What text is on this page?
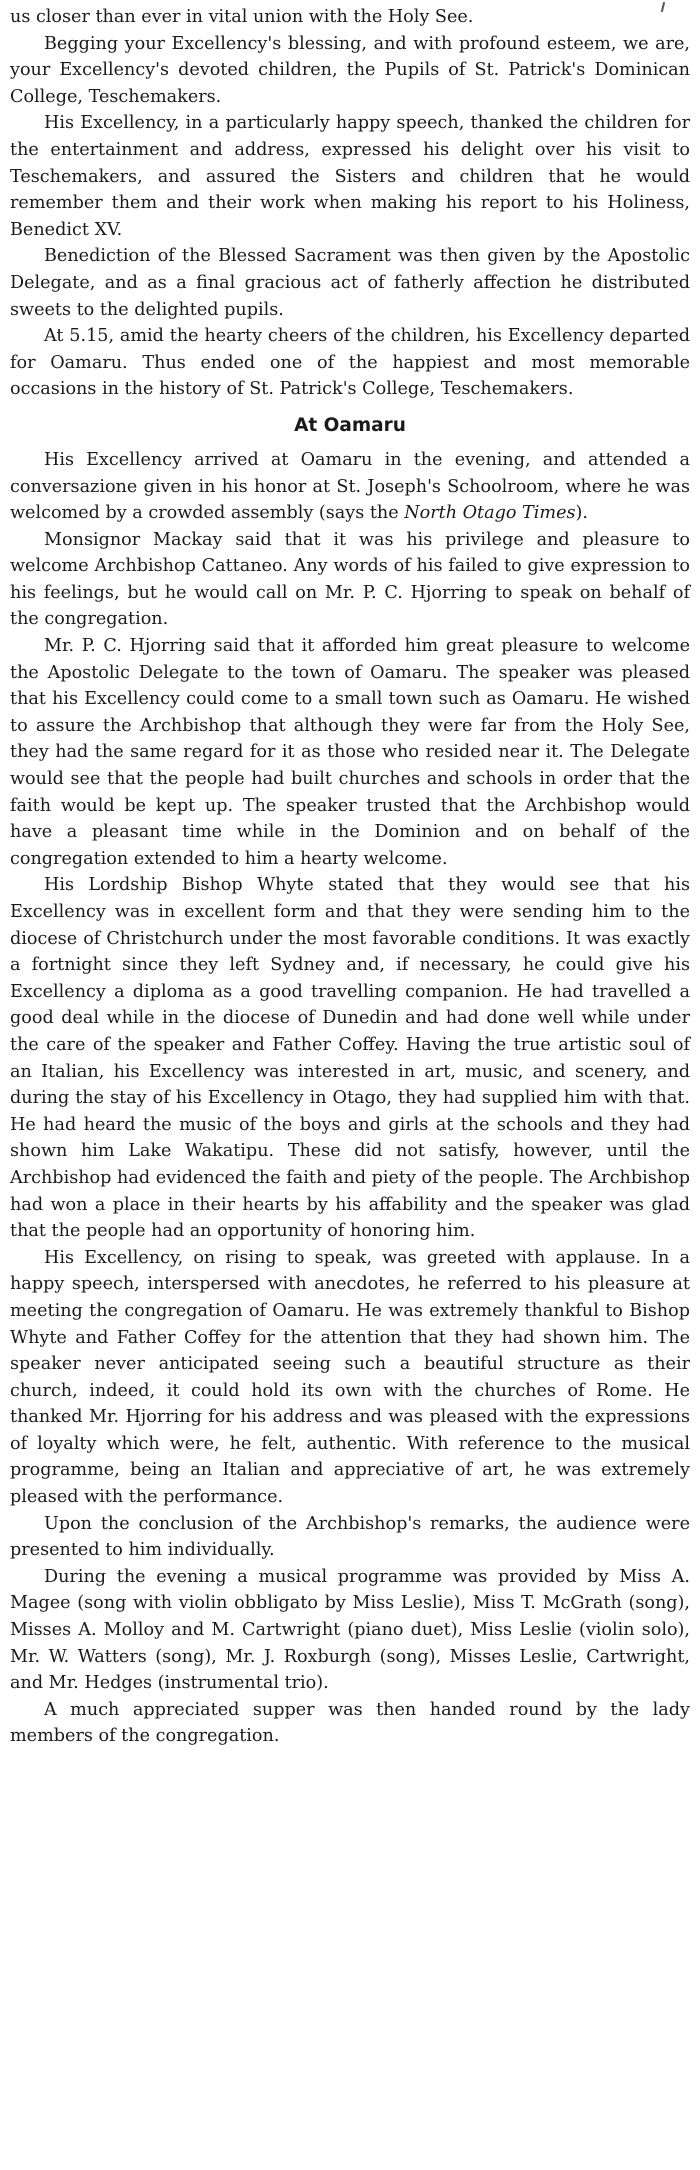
us closer than ever in vital union with the Holy See.

Begging your Excellency's blessing, and with profound esteem, we are, your Excellency's devoted children, the Pupils of St. Patrick's Dominican College, Teschemakers.

His Excellency, in a particularly happy speech, thanked the children for the entertainment and address, expressed his delight over his visit to Teschemakers, and assured the Sisters and children that he would remember them and their work when making his report to his Holiness, Benedict XV.

Benediction of the Blessed Sacrament was then given by the Apostolic Delegate, and as a final gracious act of fatherly affection he distributed sweets to the delighted pupils.

At 5.15, amid the hearty cheers of the children, his Excellency departed for Oamaru. Thus ended one of the happiest and most memorable occasions in the history of St. Patrick's College, Teschemakers.

At Oamaru

His Excellency arrived at Oamaru in the evening, and attended a conversazione given in his honor at St. Joseph's Schoolroom, where he was welcomed by a crowded assembly (says the North Otago Times).

Monsignor Mackay said that it was his privilege and pleasure to welcome Archbishop Cattaneo. Any words of his failed to give expression to his feelings, but he would call on Mr. P. C. Hjorring to speak on behalf of the congregation.

Mr. P. C. Hjorring said that it afforded him great pleasure to welcome the Apostolic Delegate to the town of Oamaru. The speaker was pleased that his Excellency could come to a small town such as Oamaru. He wished to assure the Archbishop that although they were far from the Holy See, they had the same regard for it as those who resided near it. The Delegate would see that the people had built churches and schools in order that the faith would be kept up. The speaker trusted that the Archbishop would have a pleasant time while in the Dominion and on behalf of the congregation extended to him a hearty welcome.

His Lordship Bishop Whyte stated that they would see that his Excellency was in excellent form and that they were sending him to the diocese of Christchurch under the most favorable conditions. It was exactly a fortnight since they left Sydney and, if necessary, he could give his Excellency a diploma as a good travelling companion. He had travelled a good deal while in the diocese of Dunedin and had done well while under the care of the speaker and Father Coffey. Having the true artistic soul of an Italian, his Excellency was interested in art, music, and scenery, and during the stay of his Excellency in Otago, they had supplied him with that. He had heard the music of the boys and girls at the schools and they had shown him Lake Wakatipu. These did not satisfy, however, until the Archbishop had evidenced the faith and piety of the people. The Archbishop had won a place in their hearts by his affability and the speaker was glad that the people had an opportunity of honoring him.

His Excellency, on rising to speak, was greeted with applause. In a happy speech, interspersed with anecdotes, he referred to his pleasure at meeting the congregation of Oamaru. He was extremely thankful to Bishop Whyte and Father Coffey for the attention that they had shown him. The speaker never anticipated seeing such a beautiful structure as their church, indeed, it could hold its own with the churches of Rome. He thanked Mr. Hjorring for his address and was pleased with the expressions of loyalty which were, he felt, authentic. With reference to the musical programme, being an Italian and appreciative of art, he was extremely pleased with the performance.

Upon the conclusion of the Archbishop's remarks, the audience were presented to him individually.

During the evening a musical programme was provided by Miss A. Magee (song with violin obbligato by Miss Leslie), Miss T. McGrath (song), Misses A. Molloy and M. Cartwright (piano duet), Miss Leslie (violin solo), Mr. W. Watters (song), Mr. J. Roxburgh (song), Misses Leslie, Cartwright, and Mr. Hedges (instrumental trio).

A much appreciated supper was then handed round by the lady members of the congregation.
